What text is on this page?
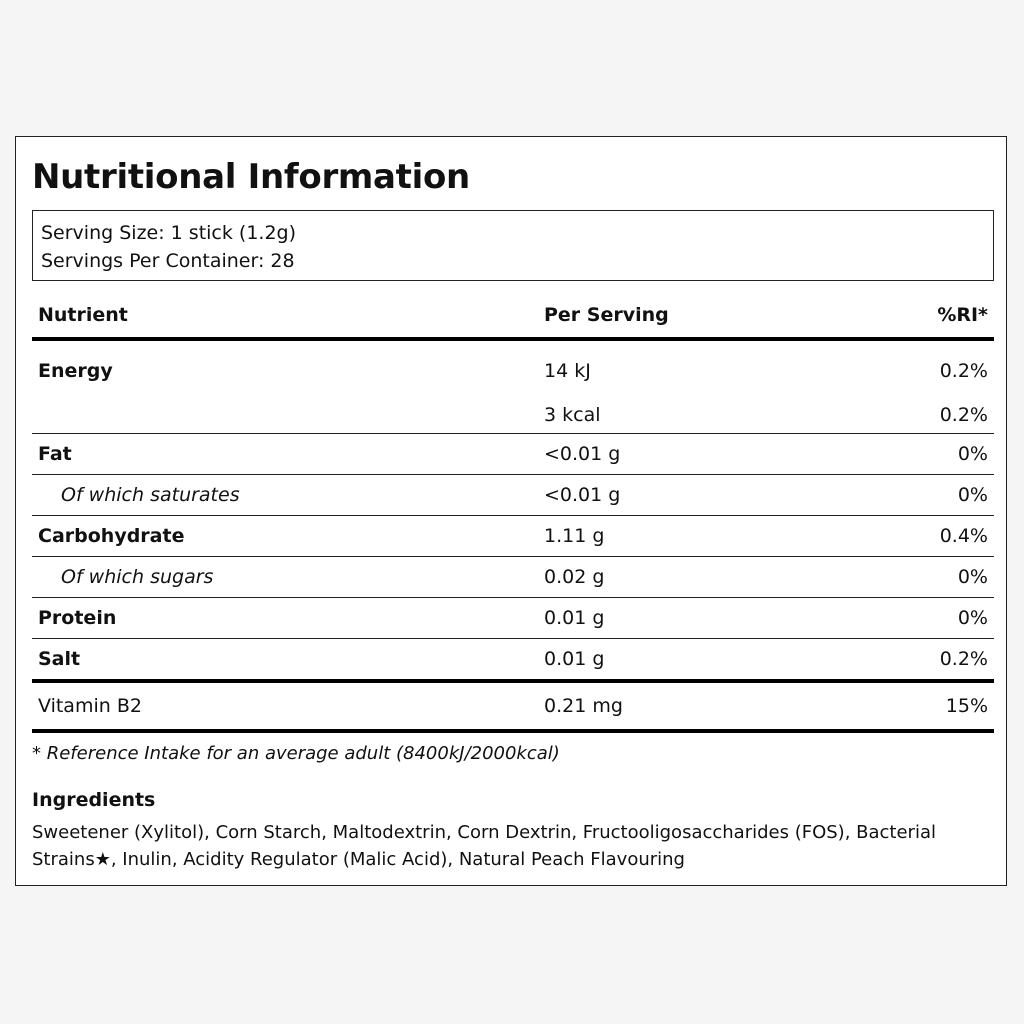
Nutritional Information
Serving Size: 1 stick (1.2g)
Servings Per Container: 28
Nutrient	Per Serving	%RI*
Energy	14 kJ	0.2%
	3 kcal	0.2%
Fat	<0.01 g	0%
Of which saturates	<0.01 g	0%
Carbohydrate	1.11 g	0.4%
Of which sugars	0.02 g	0%
Protein	0.01 g	0%
Salt	0.01 g	0.2%
Vitamin B2	0.21 mg	15%
* Reference Intake for an average adult (8400kJ/2000kcal)
Ingredients
Sweetener (Xylitol), Corn Starch, Maltodextrin, Corn Dextrin, Fructooligosaccharides (FOS), Bacterial Strains★, Inulin, Acidity Regulator (Malic Acid), Natural Peach Flavouring
